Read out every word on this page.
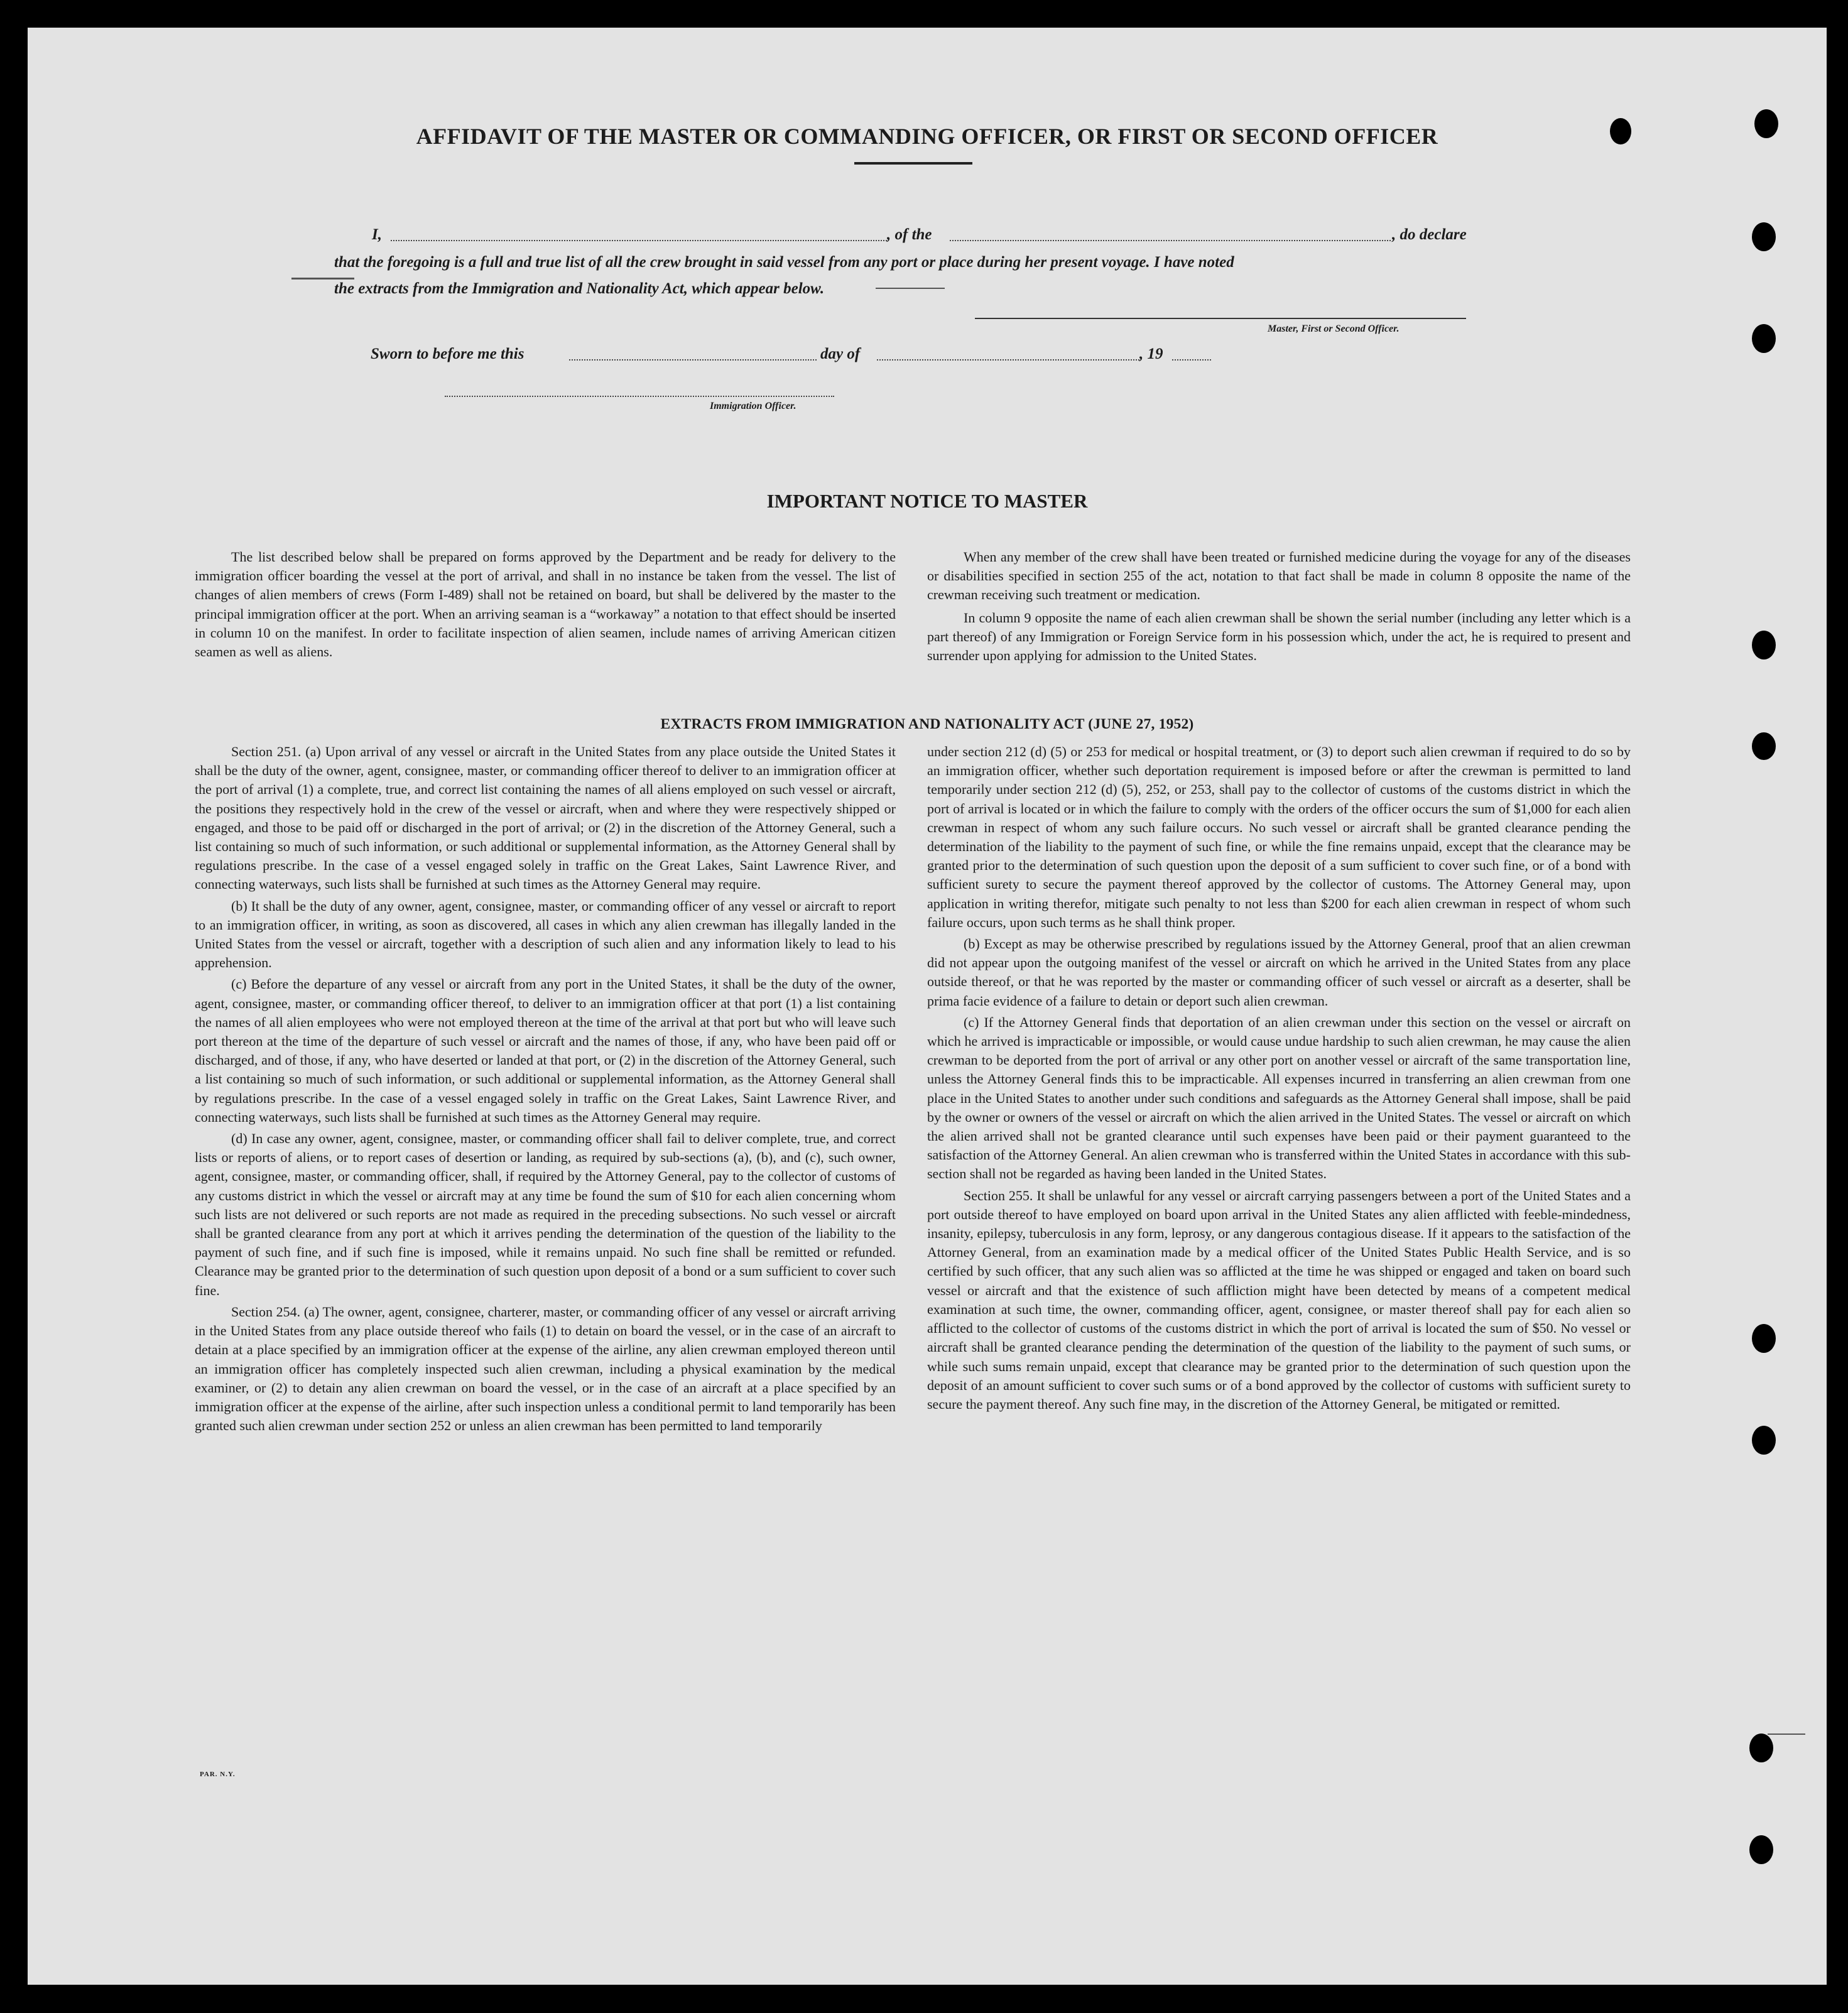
AFFIDAVIT OF THE MASTER OR COMMANDING OFFICER, OR FIRST OR SECOND OFFICER
I,	, of the	, do declare
that the foregoing is a full and true list of all the crew brought in said vessel from any port or place during her present voyage. I have noted
the extracts from the Immigration and Nationality Act, which appear below.
Master, First or Second Officer.
Sworn to before me this	day of	, 19
Immigration Officer.
IMPORTANT NOTICE TO MASTER

The list described below shall be prepared on forms approved by the Department and be ready for delivery to the immigration officer boarding the vessel at the port of arrival, and shall in no instance be taken from the vessel. The list of changes of alien members of crews (Form I-489) shall not be retained on board, but shall be delivered by the master to the principal immigration officer at the port. When an arriving seaman is a “workaway” a notation to that effect should be inserted in column 10 on the manifest. In order to facilitate inspection of alien seamen, include names of arriving American citizen seamen as well as aliens.

When any member of the crew shall have been treated or furnished medicine during the voyage for any of the diseases or disabilities specified in section 255 of the act, notation to that fact shall be made in column 8 opposite the name of the crewman receiving such treatment or medication.

In column 9 opposite the name of each alien crewman shall be shown the serial number (including any letter which is a part thereof) of any Immigration or Foreign Service form in his possession which, under the act, he is required to present and surrender upon applying for admission to the United States.

EXTRACTS FROM IMMIGRATION AND NATIONALITY ACT (JUNE 27, 1952)

Section 251. (a) Upon arrival of any vessel or aircraft in the United States from any place outside the United States it shall be the duty of the owner, agent, consignee, master, or commanding officer thereof to deliver to an immigration officer at the port of arrival (1) a complete, true, and correct list containing the names of all aliens employed on such vessel or aircraft, the positions they respectively hold in the crew of the vessel or aircraft, when and where they were respectively shipped or engaged, and those to be paid off or discharged in the port of arrival; or (2) in the discretion of the Attorney General, such a list containing so much of such information, or such additional or supplemental information, as the Attorney General shall by regulations prescribe. In the case of a vessel engaged solely in traffic on the Great Lakes, Saint Lawrence River, and connecting waterways, such lists shall be furnished at such times as the Attorney General may require.

(b) It shall be the duty of any owner, agent, consignee, master, or commanding officer of any vessel or aircraft to report to an immigration officer, in writing, as soon as discovered, all cases in which any alien crewman has illegally landed in the United States from the vessel or aircraft, together with a description of such alien and any information likely to lead to his apprehension.

(c) Before the departure of any vessel or aircraft from any port in the United States, it shall be the duty of the owner, agent, consignee, master, or commanding officer thereof, to deliver to an immigration officer at that port (1) a list containing the names of all alien employees who were not employed thereon at the time of the arrival at that port but who will leave such port thereon at the time of the departure of such vessel or aircraft and the names of those, if any, who have been paid off or discharged, and of those, if any, who have deserted or landed at that port, or (2) in the discretion of the Attorney General, such a list containing so much of such information, or such additional or supplemental information, as the Attorney General shall by regulations prescribe. In the case of a vessel engaged solely in traffic on the Great Lakes, Saint Lawrence River, and connecting waterways, such lists shall be furnished at such times as the Attorney General may require.

(d) In case any owner, agent, consignee, master, or commanding officer shall fail to deliver complete, true, and correct lists or reports of aliens, or to report cases of desertion or landing, as required by sub-sections (a), (b), and (c), such owner, agent, consignee, master, or commanding officer, shall, if required by the Attorney General, pay to the collector of customs of any customs district in which the vessel or aircraft may at any time be found the sum of $10 for each alien concerning whom such lists are not delivered or such reports are not made as required in the preceding subsections. No such vessel or aircraft shall be granted clearance from any port at which it arrives pending the determination of the question of the liability to the payment of such fine, and if such fine is imposed, while it remains unpaid. No such fine shall be remitted or refunded. Clearance may be granted prior to the determination of such question upon deposit of a bond or a sum sufficient to cover such fine.

Section 254. (a) The owner, agent, consignee, charterer, master, or commanding officer of any vessel or aircraft arriving in the United States from any place outside thereof who fails (1) to detain on board the vessel, or in the case of an aircraft to detain at a place specified by an immigration officer at the expense of the airline, any alien crewman employed thereon until an immigration officer has completely inspected such alien crewman, including a physical examination by the medical examiner, or (2) to detain any alien crewman on board the vessel, or in the case of an aircraft at a place specified by an immigration officer at the expense of the airline, after such inspection unless a conditional permit to land temporarily has been granted such alien crewman under section 252 or unless an alien crewman has been permitted to land temporarily

under section 212 (d) (5) or 253 for medical or hospital treatment, or (3) to deport such alien crewman if required to do so by an immigration officer, whether such deportation requirement is imposed before or after the crewman is permitted to land temporarily under section 212 (d) (5), 252, or 253, shall pay to the collector of customs of the customs district in which the port of arrival is located or in which the failure to comply with the orders of the officer occurs the sum of $1,000 for each alien crewman in respect of whom any such failure occurs. No such vessel or aircraft shall be granted clearance pending the determination of the liability to the payment of such fine, or while the fine remains unpaid, except that the clearance may be granted prior to the determination of such question upon the deposit of a sum sufficient to cover such fine, or of a bond with sufficient surety to secure the payment thereof approved by the collector of customs. The Attorney General may, upon application in writing therefor, mitigate such penalty to not less than $200 for each alien crewman in respect of whom such failure occurs, upon such terms as he shall think proper.

(b) Except as may be otherwise prescribed by regulations issued by the Attorney General, proof that an alien crewman did not appear upon the outgoing manifest of the vessel or aircraft on which he arrived in the United States from any place outside thereof, or that he was reported by the master or commanding officer of such vessel or aircraft as a deserter, shall be prima facie evidence of a failure to detain or deport such alien crewman.

(c) If the Attorney General finds that deportation of an alien crewman under this section on the vessel or aircraft on which he arrived is impracticable or impossible, or would cause undue hardship to such alien crewman, he may cause the alien crewman to be deported from the port of arrival or any other port on another vessel or aircraft of the same transportation line, unless the Attorney General finds this to be impracticable. All expenses incurred in transferring an alien crewman from one place in the United States to another under such conditions and safeguards as the Attorney General shall impose, shall be paid by the owner or owners of the vessel or aircraft on which the alien arrived in the United States. The vessel or aircraft on which the alien arrived shall not be granted clearance until such expenses have been paid or their payment guaranteed to the satisfaction of the Attorney General. An alien crewman who is transferred within the United States in accordance with this sub-section shall not be regarded as having been landed in the United States.

Section 255. It shall be unlawful for any vessel or aircraft carrying passengers between a port of the United States and a port outside thereof to have employed on board upon arrival in the United States any alien afflicted with feeble-mindedness, insanity, epilepsy, tuberculosis in any form, leprosy, or any dangerous contagious disease. If it appears to the satisfaction of the Attorney General, from an examination made by a medical officer of the United States Public Health Service, and is so certified by such officer, that any such alien was so afflicted at the time he was shipped or engaged and taken on board such vessel or aircraft and that the existence of such affliction might have been detected by means of a competent medical examination at such time, the owner, commanding officer, agent, consignee, or master thereof shall pay for each alien so afflicted to the collector of customs of the customs district in which the port of arrival is located the sum of $50. No vessel or aircraft shall be granted clearance pending the determination of the question of the liability to the payment of such sums, or while such sums remain unpaid, except that clearance may be granted prior to the determination of such question upon the deposit of an amount sufficient to cover such sums or of a bond approved by the collector of customs with sufficient surety to secure the payment thereof. Any such fine may, in the discretion of the Attorney General, be mitigated or remitted.

PAR. N.Y.
